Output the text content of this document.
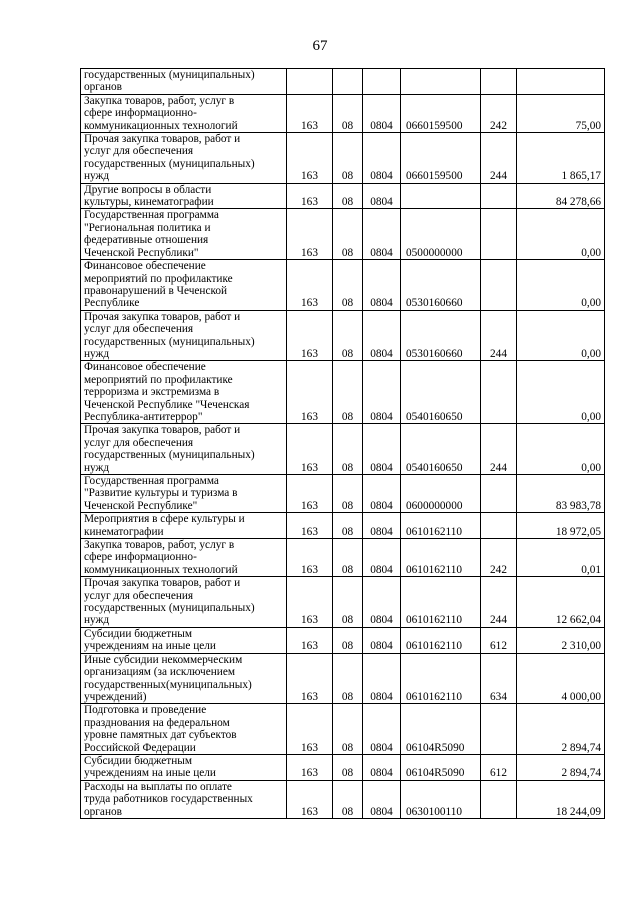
67
государственных (муниципальных)
органов						

Закупка товаров, работ, услуг в
сфере информационно-
коммуникационных технологий	163	08	0804	0660159500	242	75,00

Прочая закупка товаров, работ и
услуг для обеспечения
государственных (муниципальных)
нужд	163	08	0804	0660159500	244	1 865,17

Другие вопросы в области
культуры, кинематографии	163	08	0804			84 278,66

Государственная программа
"Региональная политика и
федеративные отношения
Чеченской Республики"	163	08	0804	0500000000		0,00

Финансовое обеспечение
мероприятий по профилактике
правонарушений в Чеченской
Республике	163	08	0804	0530160660		0,00

Прочая закупка товаров, работ и
услуг для обеспечения
государственных (муниципальных)
нужд	163	08	0804	0530160660	244	0,00

Финансовое обеспечение
мероприятий по профилактике
терроризма и экстремизма в
Чеченской Республике "Чеченская
Республика-антитеррор"	163	08	0804	0540160650		0,00

Прочая закупка товаров, работ и
услуг для обеспечения
государственных (муниципальных)
нужд	163	08	0804	0540160650	244	0,00

Государственная программа
"Развитие культуры и туризма в
Чеченской Республике"	163	08	0804	0600000000		83 983,78

Мероприятия в сфере культуры и
кинематографии	163	08	0804	0610162110		18 972,05

Закупка товаров, работ, услуг в
сфере информационно-
коммуникационных технологий	163	08	0804	0610162110	242	0,01

Прочая закупка товаров, работ и
услуг для обеспечения
государственных (муниципальных)
нужд	163	08	0804	0610162110	244	12 662,04

Субсидии бюджетным
учреждениям на иные цели	163	08	0804	0610162110	612	2 310,00

Иные субсидии некоммерческим
организациям (за исключением
государственных(муниципальных)
учреждений)	163	08	0804	0610162110	634	4 000,00

Подготовка и проведение
празднования на федеральном
уровне памятных дат субъектов
Российской Федерации	163	08	0804	06104R5090		2 894,74

Субсидии бюджетным
учреждениям на иные цели	163	08	0804	06104R5090	612	2 894,74

Расходы на выплаты по оплате
труда работников государственных
органов	163	08	0804	0630100110		18 244,09
